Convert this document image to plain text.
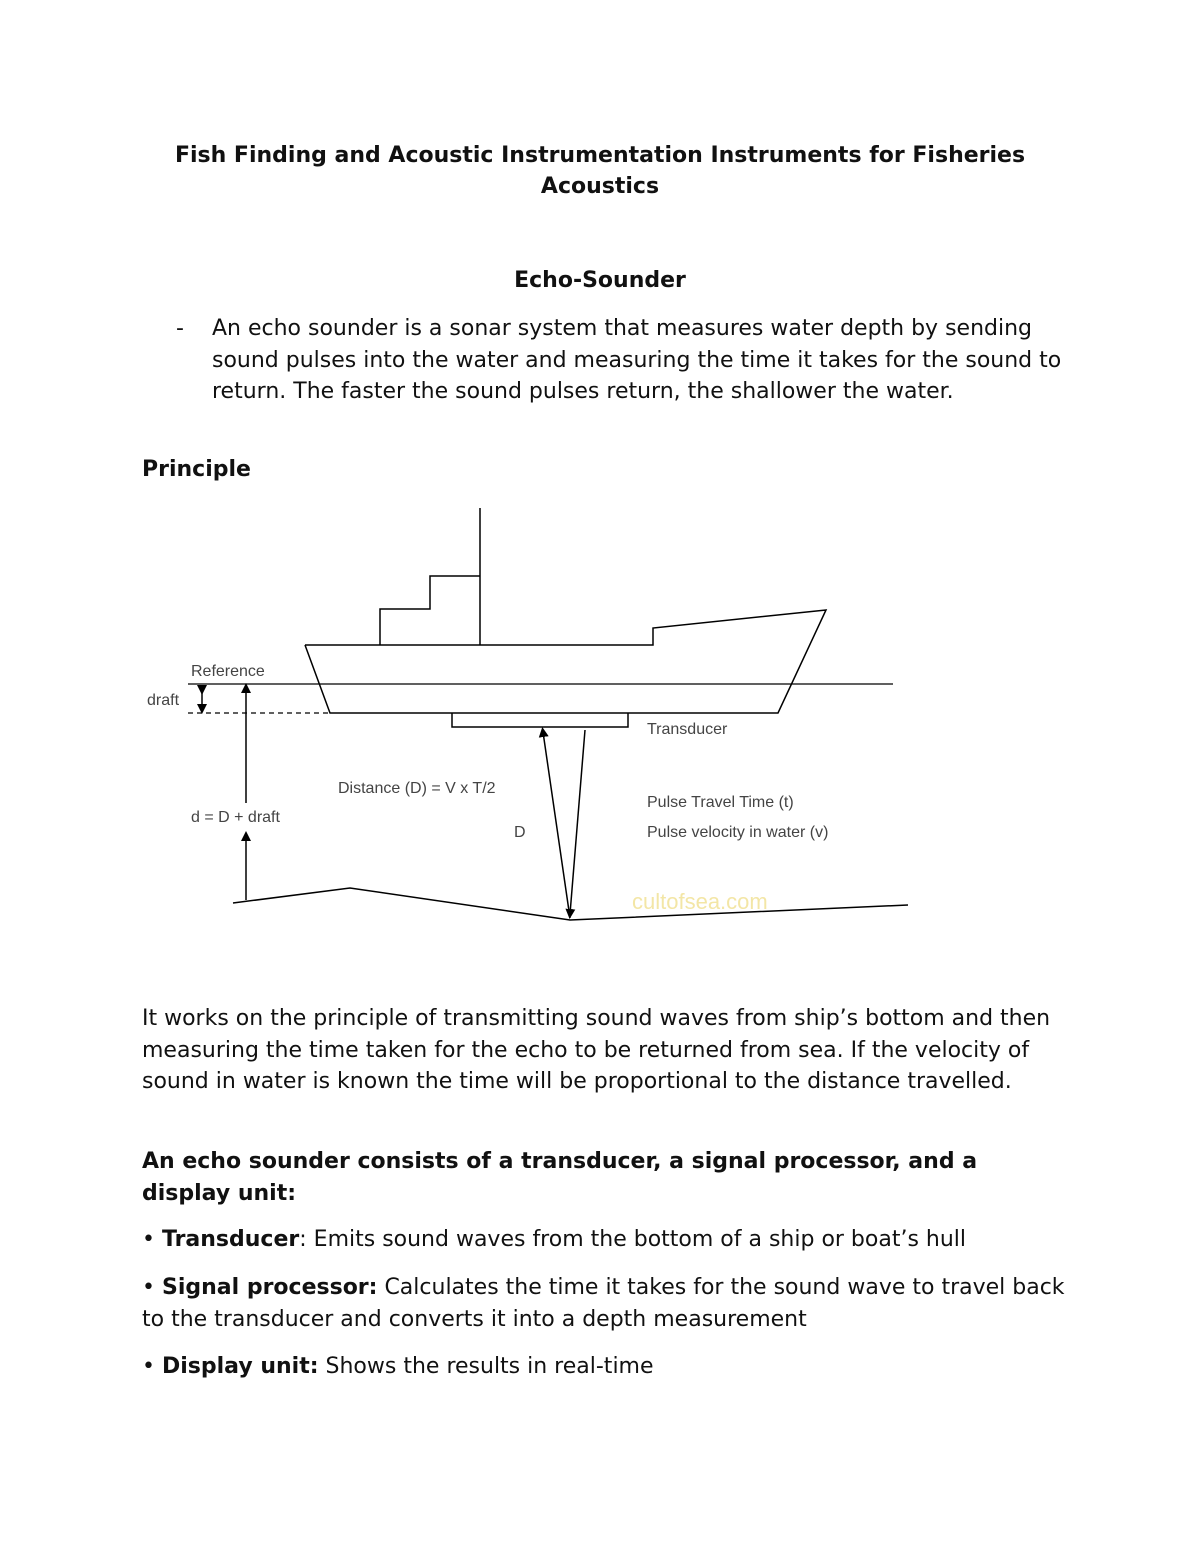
Fish Finding and Acoustic Instrumentation Instruments for Fisheries Acoustics
Echo-Sounder
- An echo sounder is a sonar system that measures water depth by sending sound pulses into the water and measuring the time it takes for the sound to return. The faster the sound pulses return, the shallower the water.
Principle
Reference
draft
Transducer
Distance (D) = V x T/2
d = D + draft
D
Pulse Travel Time (t)
Pulse velocity in water (v)
cultofsea.com
It works on the principle of transmitting sound waves from ship’s bottom and then measuring the time taken for the echo to be returned from sea. If the velocity of sound in water is known the time will be proportional to the distance travelled.
An echo sounder consists of a transducer, a signal processor, and a display unit:
• Transducer: Emits sound waves from the bottom of a ship or boat’s hull
• Signal processor: Calculates the time it takes for the sound wave to travel back to the transducer and converts it into a depth measurement
• Display unit: Shows the results in real-time
